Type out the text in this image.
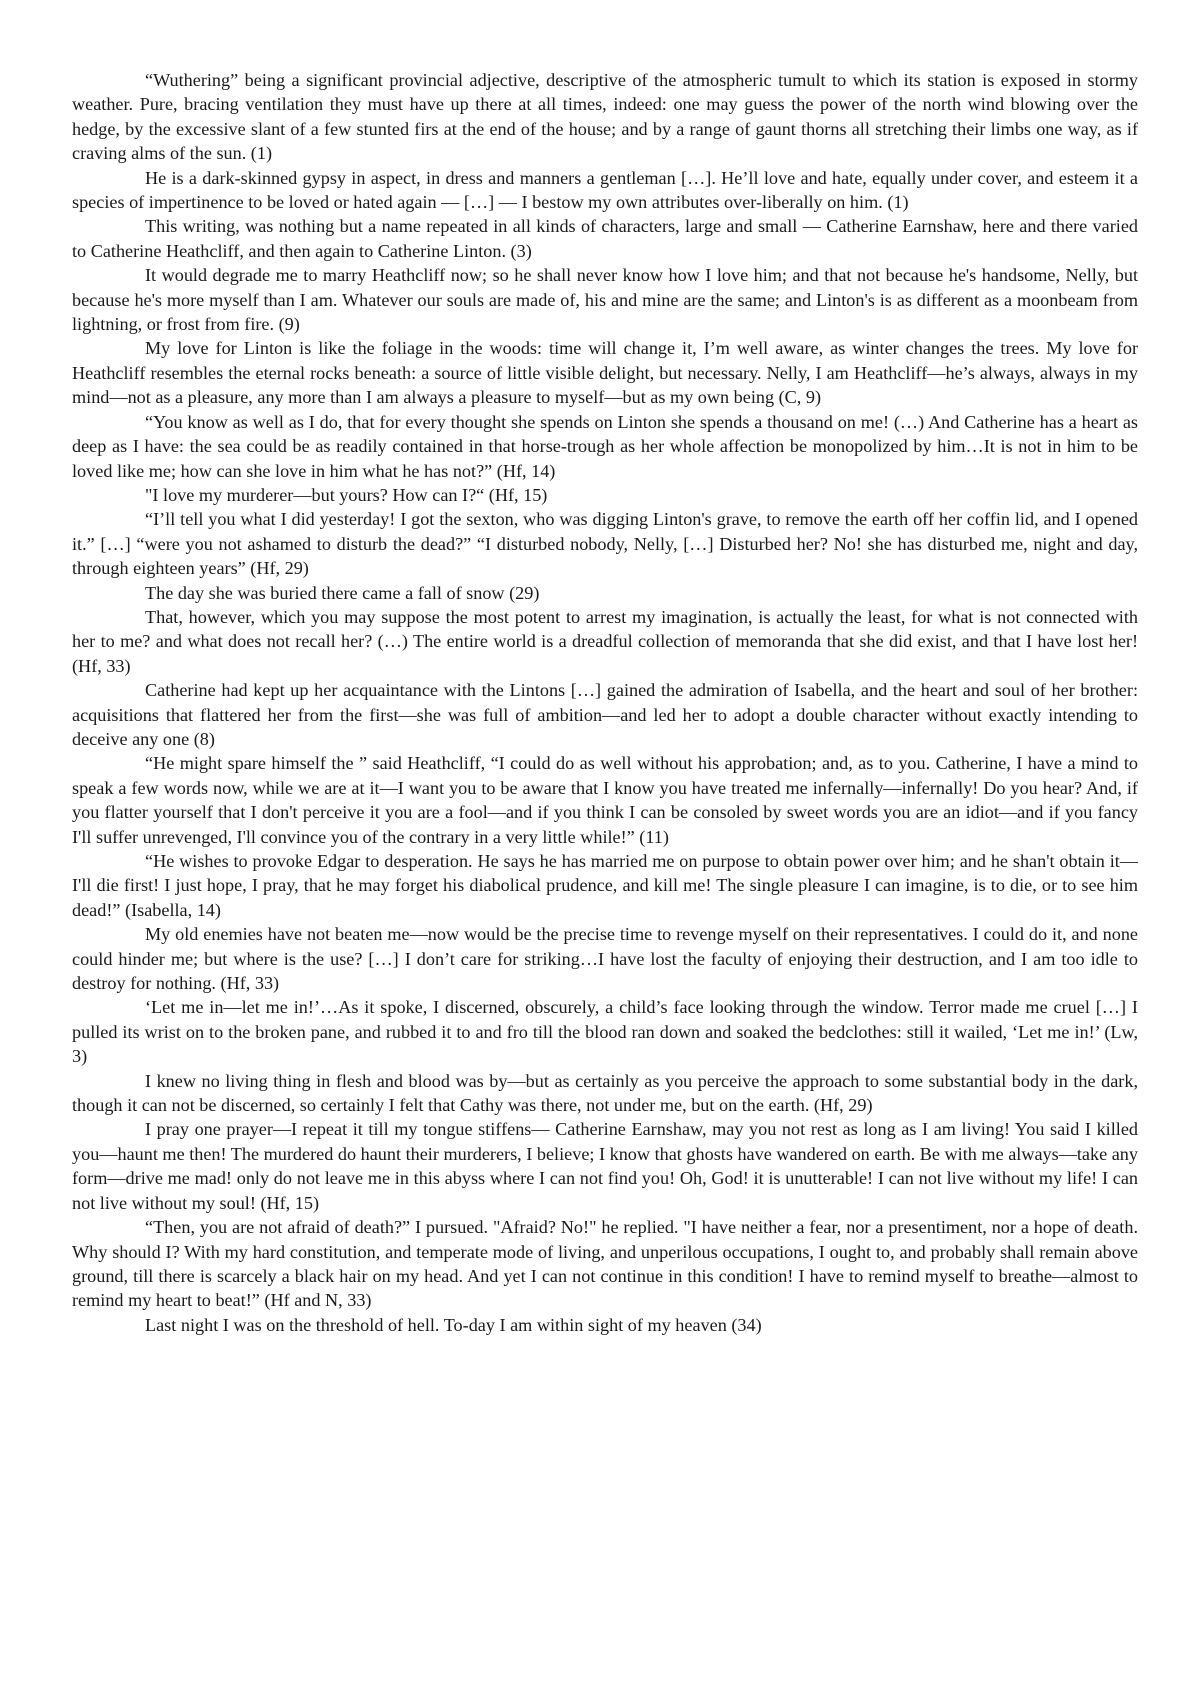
“Wuthering” being a significant provincial adjective, descriptive of the atmospheric tumult to which its station is exposed in stormy weather. Pure, bracing ventilation they must have up there at all times, indeed: one may guess the power of the north wind blowing over the hedge, by the excessive slant of a few stunted firs at the end of the house; and by a range of gaunt thorns all stretching their limbs one way, as if craving alms of the sun. (1)

He is a dark-skinned gypsy in aspect, in dress and manners a gentleman […]. He’ll love and hate, equally under cover, and esteem it a species of impertinence to be loved or hated again — […] — I bestow my own attributes over-liberally on him. (1)

This writing, was nothing but a name repeated in all kinds of characters, large and small — Catherine Earnshaw, here and there varied to Catherine Heathcliff, and then again to Catherine Linton. (3)

It would degrade me to marry Heathcliff now; so he shall never know how I love him; and that not because he's handsome, Nelly, but because he's more myself than I am. Whatever our souls are made of, his and mine are the same; and Linton's is as different as a moonbeam from lightning, or frost from fire. (9)

My love for Linton is like the foliage in the woods: time will change it, I’m well aware, as winter changes the trees. My love for Heathcliff resembles the eternal rocks beneath: a source of little visible delight, but necessary. Nelly, I am Heathcliff—he’s always, always in my mind—not as a pleasure, any more than I am always a pleasure to myself—but as my own being (C, 9)

“You know as well as I do, that for every thought she spends on Linton she spends a thousand on me! (…) And Catherine has a heart as deep as I have: the sea could be as readily contained in that horse-trough as her whole affection be monopolized by him…It is not in him to be loved like me; how can she love in him what he has not?” (Hf, 14)

"I love my murderer—but yours? How can I?“ (Hf, 15)

“I’ll tell you what I did yesterday! I got the sexton, who was digging Linton's grave, to remove the earth off her coffin lid, and I opened it.” […] “were you not ashamed to disturb the dead?” “I disturbed nobody, Nelly, […] Disturbed her? No! she has disturbed me, night and day, through eighteen years” (Hf, 29)

The day she was buried there came a fall of snow (29)

That, however, which you may suppose the most potent to arrest my imagination, is actually the least, for what is not connected with her to me? and what does not recall her? (…) The entire world is a dreadful collection of memoranda that she did exist, and that I have lost her! (Hf, 33)

Catherine had kept up her acquaintance with the Lintons […] gained the admiration of Isabella, and the heart and soul of her brother: acquisitions that flattered her from the first—she was full of ambition—and led her to adopt a double character without exactly intending to deceive any one (8)

“He might spare himself the ” said Heathcliff, “I could do as well without his approbation; and, as to you. Catherine, I have a mind to speak a few words now, while we are at it—I want you to be aware that I know you have treated me infernally—infernally! Do you hear? And, if you flatter yourself that I don't perceive it you are a fool—and if you think I can be consoled by sweet words you are an idiot—and if you fancy I'll suffer unrevenged, I'll convince you of the contrary in a very little while!” (11)

“He wishes to provoke Edgar to desperation. He says he has married me on purpose to obtain power over him; and he shan't obtain it—I'll die first! I just hope, I pray, that he may forget his diabolical prudence, and kill me! The single pleasure I can imagine, is to die, or to see him dead!” (Isabella, 14)

My old enemies have not beaten me—now would be the precise time to revenge myself on their representatives. I could do it, and none could hinder me; but where is the use? […] I don’t care for striking…I have lost the faculty of enjoying their destruction, and I am too idle to destroy for nothing. (Hf, 33)

‘Let me in—let me in!’…As it spoke, I discerned, obscurely, a child’s face looking through the window. Terror made me cruel […] I pulled its wrist on to the broken pane, and rubbed it to and fro till the blood ran down and soaked the bedclothes: still it wailed, ‘Let me in!’ (Lw, 3)

I knew no living thing in flesh and blood was by—but as certainly as you perceive the approach to some substantial body in the dark, though it can not be discerned, so certainly I felt that Cathy was there, not under me, but on the earth. (Hf, 29)

I pray one prayer—I repeat it till my tongue stiffens— Catherine Earnshaw, may you not rest as long as I am living! You said I killed you—haunt me then! The murdered do haunt their murderers, I believe; I know that ghosts have wandered on earth. Be with me always—take any form—drive me mad! only do not leave me in this abyss where I can not find you! Oh, God! it is unutterable! I can not live without my life! I can not live without my soul! (Hf, 15)

“Then, you are not afraid of death?” I pursued. "Afraid? No!" he replied. "I have neither a fear, nor a presentiment, nor a hope of death. Why should I? With my hard constitution, and temperate mode of living, and unperilous occupations, I ought to, and probably shall remain above ground, till there is scarcely a black hair on my head. And yet I can not continue in this condition! I have to remind myself to breathe—almost to remind my heart to beat!” (Hf and N, 33)

Last night I was on the threshold of hell. To-day I am within sight of my heaven (34)
